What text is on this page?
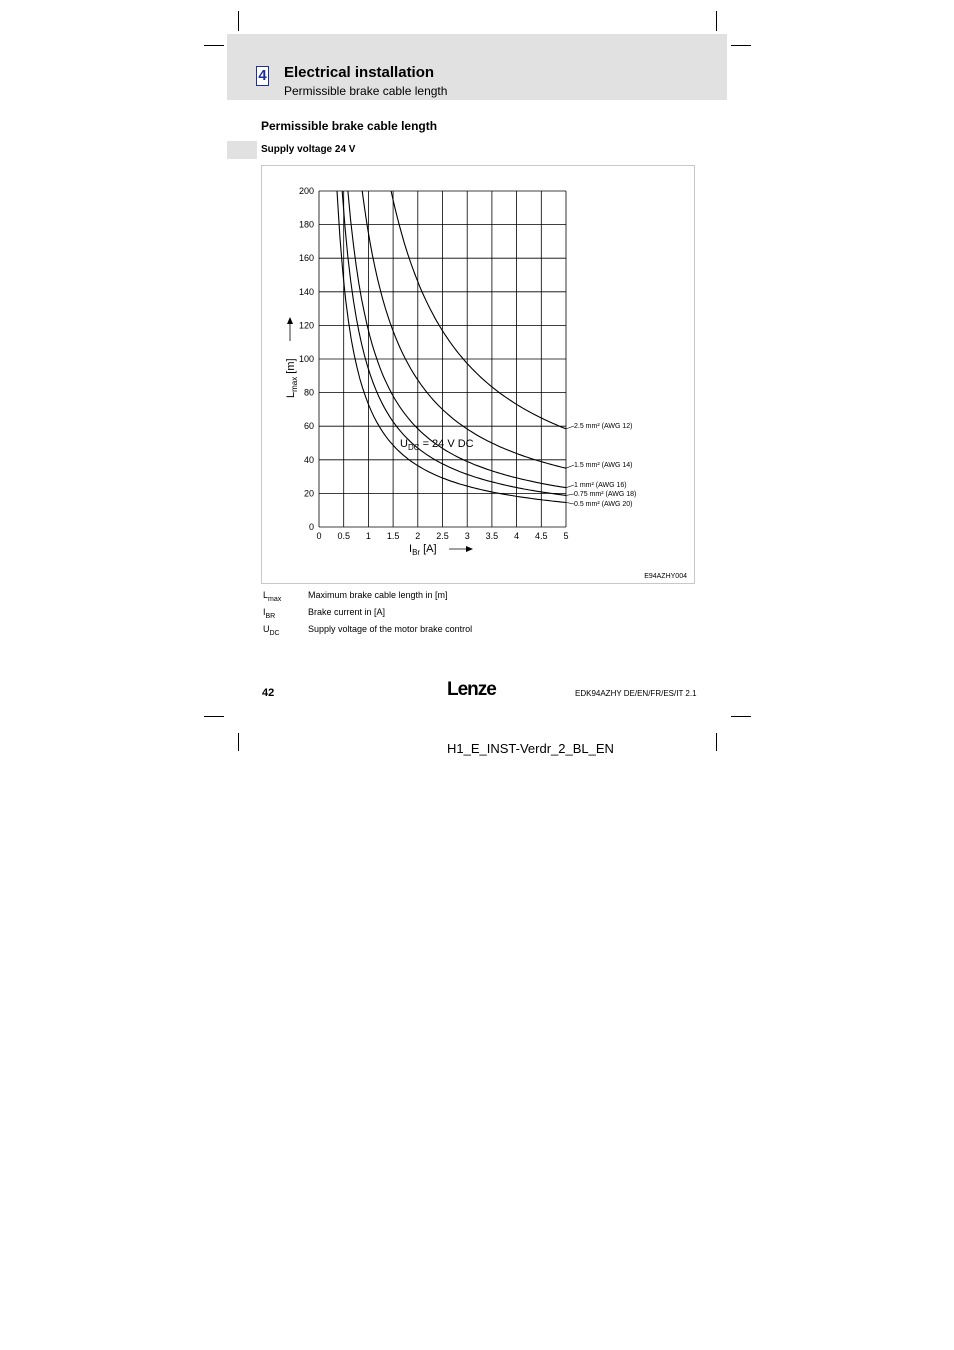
4 Electrical installation
Permissible brake cable length
Permissible brake cable length
Supply voltage 24 V
0 0.5 1 1.5 2 2.5 3 3.5 4 4.5 5
0
20
40
60
80
100
120
140
160
180
200
$L_{max}$ [m]
$I_{Br}$ [A]
2.5 mm² (AWG 12)
1.5 mm² (AWG 14)
1 mm² (AWG 16)
0.75 mm² (AWG 18)
0.5 mm² (AWG 20)
$U_{DC} = 24$ V DC
E94AZHY004
$L_{max}$	Maximum brake cable length in [m]
$I_{BR}$	Brake current in [A]
$U_{DC}$	Supply voltage of the motor brake control
42	Lenze	EDK94AZHY DE/EN/FR/ES/IT 2.1
H1_E_INST-Verdr_2_BL_EN
